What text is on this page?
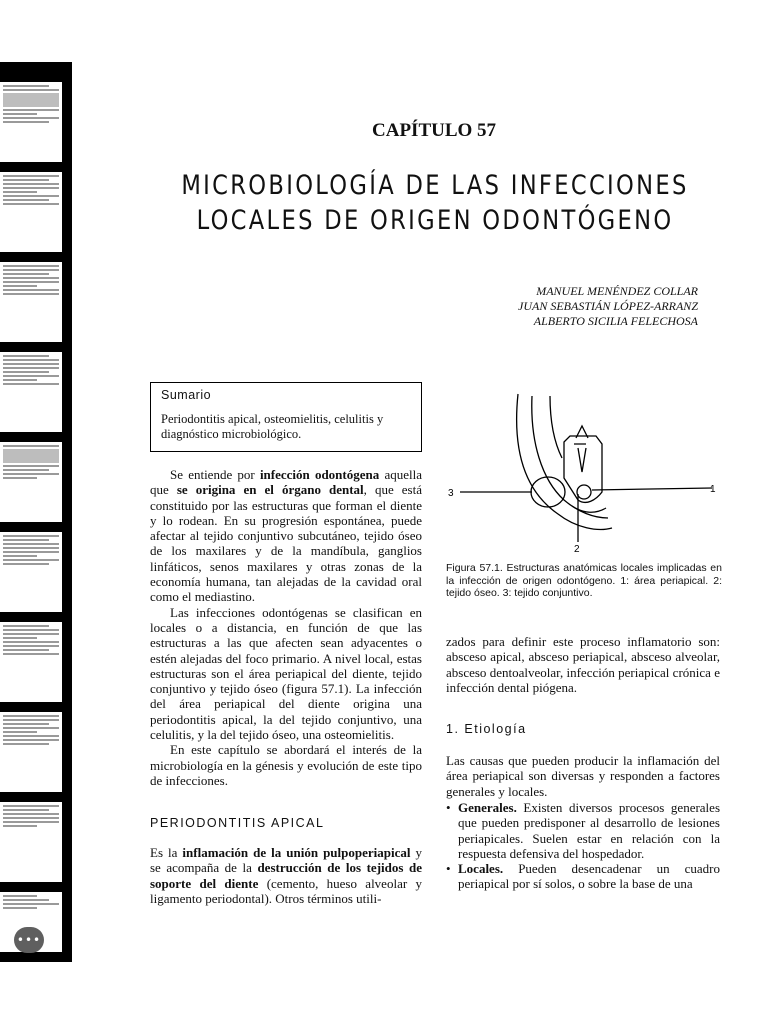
•••
CAPÍTULO 57
MICROBIOLOGÍA DE LAS INFECCIONES
LOCALES DE ORIGEN ODONTÓGENO
MANUEL MENÉNDEZ COLLAR
JUAN SEBASTIÁN LÓPEZ-ARRANZ
ALBERTO SICILIA FELECHOSA
Sumario

Periodontitis apical, osteomielitis, celulitis y diagnóstico microbiológico.

Se entiende por infección odontógena aquella que se origina en el órgano dental, que está constituido por las estructuras que forman el diente y lo rodean. En su progresión espontánea, puede afectar al tejido conjuntivo subcutáneo, tejido óseo de los maxilares y de la mandíbula, ganglios linfáticos, senos maxilares y otras zonas de la economía humana, tan alejadas de la cavidad oral como el mediastino.

Las infecciones odontógenas se clasifican en locales o a distancia, en función de que las estructuras a las que afecten sean adyacentes o estén alejadas del foco primario. A nivel local, estas estructuras son el área periapical del diente, tejido conjuntivo y tejido óseo (figura 57.1). La infección del área periapical del diente origina una periodontitis apical, la del tejido conjuntivo, una celulitis, y la del tejido óseo, una osteomielitis.

En este capítulo se abordará el interés de la microbiología en la génesis y evolución de este tipo de infecciones.

PERIODONTITIS APICAL

Es la inflamación de la unión pulpoperiapical y se acompaña de la destrucción de los tejidos de soporte del diente (cemento, hueso alveolar y ligamento periodontal). Otros términos utili-

1
2
3
Figura 57.1. Estructuras anatómicas locales implicadas en la infección de origen odontógeno. 1: área periapical. 2: tejido óseo. 3: tejido conjuntivo.
zados para definir este proceso inflamatorio son: absceso apical, absceso periapical, absceso alveolar, absceso dentoalveolar, infección periapical crónica e infección dental piógena.
1. Etiología
Las causas que pueden producir la inflamación del área periapical son diversas y responden a factores generales y locales.
• Generales. Existen diversos procesos generales que pueden predisponer al desarrollo de lesiones periapicales. Suelen estar en relación con la respuesta defensiva del hospedador.
• Locales. Pueden desencadenar un cuadro periapical por sí solos, o sobre la base de una
